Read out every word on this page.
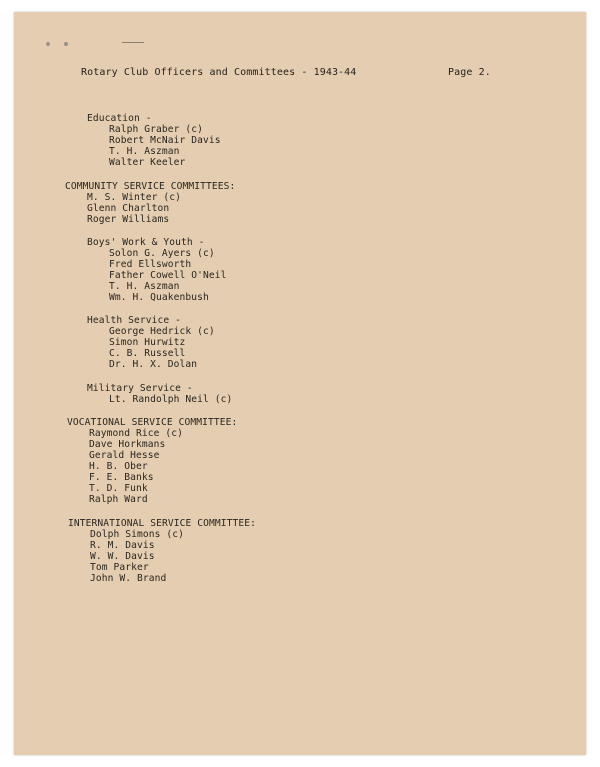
Rotary Club Officers and Committees - 1943-44	Page 2.
Education -
Ralph Graber (c)
Robert McNair Davis
T. H. Aszman
Walter Keeler
COMMUNITY SERVICE COMMITTEES:
M. S. Winter (c)
Glenn Charlton
Roger Williams
Boys' Work & Youth -
Solon G. Ayers (c)
Fred Ellsworth
Father Cowell O'Neil
T. H. Aszman
Wm. H. Quakenbush
Health Service -
George Hedrick (c)
Simon Hurwitz
C. B. Russell
Dr. H. X. Dolan
Military Service -
Lt. Randolph Neil (c)
VOCATIONAL SERVICE COMMITTEE:
Raymond Rice (c)
Dave Horkmans
Gerald Hesse
H. B. Ober
F. E. Banks
T. D. Funk
Ralph Ward
INTERNATIONAL SERVICE COMMITTEE:
Dolph Simons (c)
R. M. Davis
W. W. Davis
Tom Parker
John W. Brand
